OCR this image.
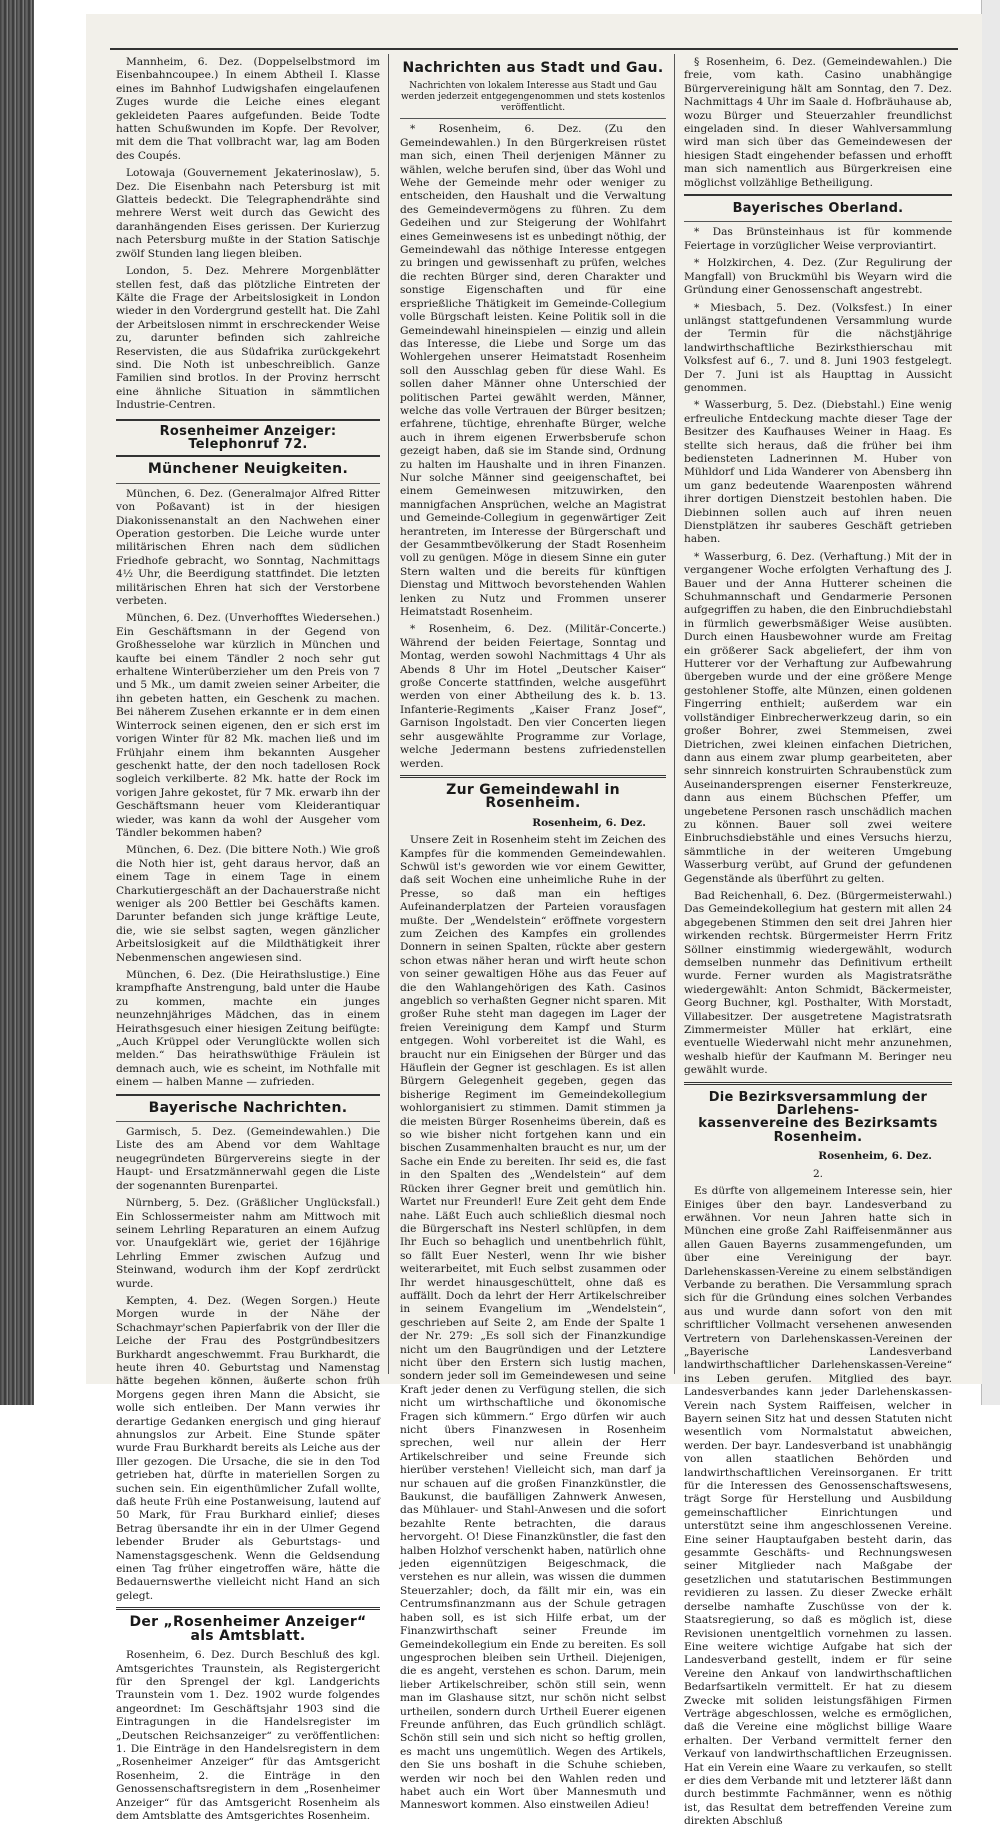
Mannheim, 6. Dez. (Doppelselbstmord im Eisenbahncoupee.) In einem Abtheil I. Klasse eines im Bahnhof Ludwigshafen eingelaufenen Zuges wurde die Leiche eines elegant gekleideten Paares aufgefunden. Beide Todte hatten Schußwunden im Kopfe. Der Revolver, mit dem die That vollbracht war, lag am Boden des Coupés.

Lotowaja (Gouvernement Jekaterinoslaw), 5. Dez. Die Eisenbahn nach Petersburg ist mit Glatteis bedeckt. Die Telegraphendrähte sind mehrere Werst weit durch das Gewicht des daranhängenden Eises gerissen. Der Kurierzug nach Petersburg mußte in der Station Satischje zwölf Stunden lang liegen bleiben.

London, 5. Dez. Mehrere Morgenblätter stellen fest, daß das plötzliche Eintreten der Kälte die Frage der Arbeitslosigkeit in London wieder in den Vordergrund gestellt hat. Die Zahl der Arbeitslosen nimmt in erschreckender Weise zu, darunter befinden sich zahlreiche Reservisten, die aus Südafrika zurückgekehrt sind. Die Noth ist unbeschreiblich. Ganze Familien sind brotlos. In der Provinz herrscht eine ähnliche Situation in sämmtlichen Industrie-Centren.

Rosenheimer Anzeiger: Telephonruf 72.
Münchener Neuigkeiten.

München, 6. Dez. (Generalmajor Alfred Ritter von Poßavant) ist in der hiesigen Diakonissenanstalt an den Nachwehen einer Operation gestorben. Die Leiche wurde unter militärischen Ehren nach dem südlichen Friedhofe gebracht, wo Sonntag, Nachmittags 4½ Uhr, die Beerdigung stattfindet. Die letzten militärischen Ehren hat sich der Verstorbene verbeten.

München, 6. Dez. (Unverhofftes Wiedersehen.) Ein Geschäftsmann in der Gegend von Großhesselohe war kürzlich in München und kaufte bei einem Tändler 2 noch sehr gut erhaltene Winterüberzieher um den Preis von 7 und 5 Mk., um damit zweien seiner Arbeiter, die ihn gebeten hatten, ein Geschenk zu machen. Bei näherem Zusehen erkannte er in dem einen Winterrock seinen eigenen, den er sich erst im vorigen Winter für 82 Mk. machen ließ und im Frühjahr einem ihm bekannten Ausgeher geschenkt hatte, der den noch tadellosen Rock sogleich verkilberte. 82 Mk. hatte der Rock im vorigen Jahre gekostet, für 7 Mk. erwarb ihn der Geschäftsmann heuer vom Kleiderantiquar wieder, was kann da wohl der Ausgeher vom Tändler bekommen haben?

München, 6. Dez. (Die bittere Noth.) Wie groß die Noth hier ist, geht daraus hervor, daß an einem Tage in einem Tage in einem Charkutiergeschäft an der Dachauerstraße nicht weniger als 200 Bettler bei Geschäfts kamen. Darunter befanden sich junge kräftige Leute, die, wie sie selbst sagten, wegen gänzlicher Arbeitslosigkeit auf die Mildthätigkeit ihrer Nebenmenschen angewiesen sind.

München, 6. Dez. (Die Heirathslustige.) Eine krampfhafte Anstrengung, bald unter die Haube zu kommen, machte ein junges neunzehnjähriges Mädchen, das in einem Heirathsgesuch einer hiesigen Zeitung beifügte: „Auch Krüppel oder Verunglückte wollen sich melden.“ Das heirathswüthige Fräulein ist demnach auch, wie es scheint, im Nothfalle mit einem — halben Manne — zufrieden.

Bayerische Nachrichten.

Garmisch, 5. Dez. (Gemeindewahlen.) Die Liste des am Abend vor dem Wahltage neugegründeten Bürgervereins siegte in der Haupt- und Ersatzmännerwahl gegen die Liste der sogenannten Burenpartei.

Nürnberg, 5. Dez. (Gräßlicher Unglücksfall.) Ein Schlossermeister nahm am Mittwoch mit seinem Lehrling Reparaturen an einem Aufzug vor. Unaufgeklärt wie, geriet der 16jährige Lehrling Emmer zwischen Aufzug und Steinwand, wodurch ihm der Kopf zerdrückt wurde.

Kempten, 4. Dez. (Wegen Sorgen.) Heute Morgen wurde in der Nähe der Schachmayr'schen Papierfabrik von der Iller die Leiche der Frau des Postgründbesitzers Burkhardt angeschwemmt. Frau Burkhardt, die heute ihren 40. Geburtstag und Namenstag hätte begehen können, äußerte schon früh Morgens gegen ihren Mann die Absicht, sie wolle sich entleiben. Der Mann verwies ihr derartige Gedanken energisch und ging hierauf ahnungslos zur Arbeit. Eine Stunde später wurde Frau Burkhardt bereits als Leiche aus der Iller gezogen. Die Ursache, die sie in den Tod getrieben hat, dürfte in materiellen Sorgen zu suchen sein. Ein eigenthümlicher Zufall wollte, daß heute Früh eine Postanweisung, lautend auf 50 Mark, für Frau Burkhard einlief; dieses Betrag übersandte ihr ein in der Ulmer Gegend lebender Bruder als Geburtstags- und Namenstagsgeschenk. Wenn die Geldsendung einen Tag früher eingetroffen wäre, hätte die Bedauernswerthe vielleicht nicht Hand an sich gelegt.

Der „Rosenheimer Anzeiger“
als Amtsblatt.

Rosenheim, 6. Dez. Durch Beschluß des kgl. Amtsgerichtes Traunstein, als Registergericht für den Sprengel der kgl. Landgerichts Traunstein vom 1. Dez. 1902 wurde folgendes angeordnet: Im Geschäftsjahr 1903 sind die Eintragungen in die Handelsregister im „Deutschen Reichsanzeiger“ zu veröffentlichen: 1. Die Einträge in den Handelsregistern in dem „Rosenheimer Anzeiger“ für das Amtsgericht Rosenheim, 2. die Einträge in den Genossenschaftsregistern in dem „Rosenheimer Anzeiger“ für das Amtsgericht Rosenheim als dem Amtsblatte des Amtsgerichtes Rosenheim.

Nachrichten aus Stadt und Gau.
Nachrichten von lokalem Interesse aus Stadt und Gau werden jederzeit entgegengenommen und stets kostenlos veröffentlicht.

* Rosenheim, 6. Dez. (Zu den Gemeindewahlen.) In den Bürgerkreisen rüstet man sich, einen Theil derjenigen Männer zu wählen, welche berufen sind, über das Wohl und Wehe der Gemeinde mehr oder weniger zu entscheiden, den Haushalt und die Verwaltung des Gemeindevermögens zu führen. Zu dem Gedeihen und zur Steigerung der Wohlfahrt eines Gemeinwesens ist es unbedingt nöthig, der Gemeindewahl das nöthige Interesse entgegen zu bringen und gewissenhaft zu prüfen, welches die rechten Bürger sind, deren Charakter und sonstige Eigenschaften und für eine ersprießliche Thätigkeit im Gemeinde-Collegium volle Bürgschaft leisten. Keine Politik soll in die Gemeindewahl hineinspielen — einzig und allein das Interesse, die Liebe und Sorge um das Wohlergehen unserer Heimatstadt Rosenheim soll den Ausschlag geben für diese Wahl. Es sollen daher Männer ohne Unterschied der politischen Partei gewählt werden, Männer, welche das volle Vertrauen der Bürger besitzen; erfahrene, tüchtige, ehrenhafte Bürger, welche auch in ihrem eigenen Erwerbsberufe schon gezeigt haben, daß sie im Stande sind, Ordnung zu halten im Haushalte und in ihren Finanzen. Nur solche Männer sind geeigenschaftet, bei einem Gemeinwesen mitzuwirken, den mannigfachen Ansprüchen, welche an Magistrat und Gemeinde-Collegium in gegenwärtiger Zeit herantreten, im Interesse der Bürgerschaft und der Gesammtbevölkerung der Stadt Rosenheim voll zu genügen. Möge in diesem Sinne ein guter Stern walten und die bereits für künftigen Dienstag und Mittwoch bevorstehenden Wahlen lenken zu Nutz und Frommen unserer Heimatstadt Rosenheim.

* Rosenheim, 6. Dez. (Militär-Concerte.) Während der beiden Feiertage, Sonntag und Montag, werden sowohl Nachmittags 4 Uhr als Abends 8 Uhr im Hotel „Deutscher Kaiser“ große Concerte stattfinden, welche ausgeführt werden von einer Abtheilung des k. b. 13. Infanterie-Regiments „Kaiser Franz Josef“, Garnison Ingolstadt. Den vier Concerten liegen sehr ausgewählte Programme zur Vorlage, welche Jedermann bestens zufriedenstellen werden.

Zur Gemeindewahl in Rosenheim.
Rosenheim, 6. Dez.

Unsere Zeit in Rosenheim steht im Zeichen des Kampfes für die kommenden Gemeindewahlen. Schwül ist's geworden wie vor einem Gewitter, daß seit Wochen eine unheimliche Ruhe in der Presse, so daß man ein heftiges Aufeinanderplatzen der Parteien vorausfagen mußte. Der „Wendelstein“ eröffnete vorgestern zum Zeichen des Kampfes ein grollendes Donnern in seinen Spalten, rückte aber gestern schon etwas näher heran und wirft heute schon von seiner gewaltigen Höhe aus das Feuer auf die den Wahlangehörigen des Kath. Casinos angeblich so verhaßten Gegner nicht sparen. Mit großer Ruhe steht man dagegen im Lager der freien Vereinigung dem Kampf und Sturm entgegen. Wohl vorbereitet ist die Wahl, es braucht nur ein Einigsehen der Bürger und das Häuflein der Gegner ist geschlagen. Es ist allen Bürgern Gelegenheit gegeben, gegen das bisherige Regiment im Gemeindekollegium wohlorganisiert zu stimmen. Damit stimmen ja die meisten Bürger Rosenheims überein, daß es so wie bisher nicht fortgehen kann und ein bischen Zusammenhalten braucht es nur, um der Sache ein Ende zu bereiten. Ihr seid es, die fast in den Spalten des „Wendelstein“ auf dem Rücken ihrer Gegner breit und gemütlich hin. Wartet nur Freunderl! Eure Zeit geht dem Ende nahe. Läßt Euch auch schließlich diesmal noch die Bürgerschaft ins Nesterl schlüpfen, in dem Ihr Euch so behaglich und unentbehrlich fühlt, so fällt Euer Nesterl, wenn Ihr wie bisher weiterarbeitet, mit Euch selbst zusammen oder Ihr werdet hinausgeschüttelt, ohne daß es auffällt. Doch da lehrt der Herr Artikelschreiber in seinem Evangelium im „Wendelstein“, geschrieben auf Seite 2, am Ende der Spalte 1 der Nr. 279: „Es soll sich der Finanzkundige nicht um den Baugründigen und der Letztere nicht über den Erstern sich lustig machen, sondern jeder soll im Gemeindewesen und seine Kraft jeder denen zu Verfügung stellen, die sich nicht um wirthschaftliche und ökonomische Fragen sich kümmern.“ Ergo dürfen wir auch nicht übers Finanzwesen in Rosenheim sprechen, weil nur allein der Herr Artikelschreiber und seine Freunde sich hierüber verstehen! Vielleicht sich, man darf ja nur schauen auf die großen Finanzkünstler, die Baukunst, die baufälligen Zahnwerk Anwesen, das Mühlauer- und Stahl-Anwesen und die sofort bezahlte Rente betrachten, die daraus hervorgeht. O! Diese Finanzkünstler, die fast den halben Holzhof verschenkt haben, natürlich ohne jeden eigennützigen Beigeschmack, die verstehen es nur allein, was wissen die dummen Steuerzahler; doch, da fällt mir ein, was ein Centrumsfinanzmann aus der Schule getragen haben soll, es ist sich Hilfe erbat, um der Finanzwirthschaft seiner Freunde im Gemeindekollegium ein Ende zu bereiten. Es soll ungesprochen bleiben sein Urtheil. Diejenigen, die es angeht, verstehen es schon. Darum, mein lieber Artikelschreiber, schön still sein, wenn man im Glashause sitzt, nur schön nicht selbst urtheilen, sondern durch Urtheil Euerer eigenen Freunde anführen, das Euch gründlich schlägt. Schön still sein und sich nicht so heftig grollen, es macht uns ungemütlich. Wegen des Artikels, den Sie uns boshaft in die Schuhe schieben, werden wir noch bei den Wahlen reden und habet auch ein Wort über Mannesmuth und Manneswort kommen. Also einstweilen Adieu!

§ Rosenheim, 6. Dez. (Gemeindewahlen.) Die freie, vom kath. Casino unabhängige Bürgervereinigung hält am Sonntag, den 7. Dez. Nachmittags 4 Uhr im Saale d. Hofbräuhause ab, wozu Bürger und Steuerzahler freundlichst eingeladen sind. In dieser Wahlversammlung wird man sich über das Gemeindewesen der hiesigen Stadt eingehender befassen und erhofft man sich namentlich aus Bürgerkreisen eine möglichst vollzählige Betheiligung.

Bayerisches Oberland.

* Das Brünsteinhaus ist für kommende Feiertage in vorzüglicher Weise verproviantirt.

* Holzkirchen, 4. Dez. (Zur Regulirung der Mangfall) von Bruckmühl bis Weyarn wird die Gründung einer Genossenschaft angestrebt.

* Miesbach, 5. Dez. (Volksfest.) In einer unlängst stattgefundenen Versammlung wurde der Termin für die nächstjährige landwirthschaftliche Bezirksthierschau mit Volksfest auf 6., 7. und 8. Juni 1903 festgelegt. Der 7. Juni ist als Haupttag in Aussicht genommen.

* Wasserburg, 5. Dez. (Diebstahl.) Eine wenig erfreuliche Entdeckung machte dieser Tage der Besitzer des Kaufhauses Weiner in Haag. Es stellte sich heraus, daß die früher bei ihm bediensteten Ladnerinnen M. Huber von Mühldorf und Lida Wanderer von Abensberg ihn um ganz bedeutende Waarenposten während ihrer dortigen Dienstzeit bestohlen haben. Die Diebinnen sollen auch auf ihren neuen Dienstplätzen ihr sauberes Geschäft getrieben haben.

* Wasserburg, 6. Dez. (Verhaftung.) Mit der in vergangener Woche erfolgten Verhaftung des J. Bauer und der Anna Hutterer scheinen die Schuhmannschaft und Gendarmerie Personen aufgegriffen zu haben, die den Einbruchdiebstahl in fürmlich gewerbsmäßiger Weise ausübten. Durch einen Hausbewohner wurde am Freitag ein größerer Sack abgeliefert, der ihm von Hutterer vor der Verhaftung zur Aufbewahrung übergeben wurde und der eine größere Menge gestohlener Stoffe, alte Münzen, einen goldenen Fingerring enthielt; außerdem war ein vollständiger Einbrecherwerkzeug darin, so ein großer Bohrer, zwei Stemmeisen, zwei Dietrichen, zwei kleinen einfachen Dietrichen, dann aus einem zwar plump gearbeiteten, aber sehr sinnreich konstruirten Schraubenstück zum Auseinandersprengen eiserner Fensterkreuze, dann aus einem Büchschen Pfeffer, um ungebetene Personen rasch unschädlich machen zu können. Bauer soll zwei weitere Einbruchsdiebstähle und eines Versuchs hierzu, sämmtliche in der weiteren Umgebung Wasserburg verübt, auf Grund der gefundenen Gegenstände als überführt zu gelten.

Bad Reichenhall, 6. Dez. (Bürgermeisterwahl.) Das Gemeindekollegium hat gestern mit allen 24 abgegebenen Stimmen den seit drei Jahren hier wirkenden rechtsk. Bürgermeister Herrn Fritz Söllner einstimmig wiedergewählt, wodurch demselben nunmehr das Definitivum ertheilt wurde. Ferner wurden als Magistratsräthe wiedergewählt: Anton Schmidt, Bäckermeister, Georg Buchner, kgl. Posthalter, With Morstadt, Villabesitzer. Der ausgetretene Magistratsrath Zimmermeister Müller hat erklärt, eine eventuelle Wiederwahl nicht mehr anzunehmen, weshalb hiefür der Kaufmann M. Beringer neu gewählt wurde.

Die Bezirksversammlung der Darlehens-
kassenvereine des Bezirksamts Rosenheim.
Rosenheim, 6. Dez.
2.

Es dürfte von allgemeinem Interesse sein, hier Einiges über den bayr. Landesverband zu erwähnen. Vor neun Jahren hatte sich in München eine große Zahl Raiffeisenmänner aus allen Gauen Bayerns zusammengefunden, um über eine Vereinigung der bayr. Darlehenskassen-Vereine zu einem selbständigen Verbande zu berathen. Die Versammlung sprach sich für die Gründung eines solchen Verbandes aus und wurde dann sofort von den mit schriftlicher Vollmacht versehenen anwesenden Vertretern von Darlehenskassen-Vereinen der „Bayerische Landesverband landwirthschaftlicher Darlehenskassen-Vereine“ ins Leben gerufen. Mitglied des bayr. Landesverbandes kann jeder Darlehenskassen-Verein nach System Raiffeisen, welcher in Bayern seinen Sitz hat und dessen Statuten nicht wesentlich vom Normalstatut abweichen, werden. Der bayr. Landesverband ist unabhängig von allen staatlichen Behörden und landwirthschaftlichen Vereinsorganen. Er tritt für die Interessen des Genossenschaftswesens, trägt Sorge für Herstellung und Ausbildung gemeinschaftlicher Einrichtungen und unterstützt seine ihm angeschlossenen Vereine. Eine seiner Hauptaufgaben besteht darin, das gesammte Geschäfts- und Rechnungswesen seiner Mitglieder nach Maßgabe der gesetzlichen und statutarischen Bestimmungen revidieren zu lassen. Zu dieser Zwecke erhält derselbe namhafte Zuschüsse von der k. Staatsregierung, so daß es möglich ist, diese Revisionen unentgeltlich vornehmen zu lassen. Eine weitere wichtige Aufgabe hat sich der Landesverband gestellt, indem er für seine Vereine den Ankauf von landwirthschaftlichen Bedarfsartikeln vermittelt. Er hat zu diesem Zwecke mit soliden leistungsfähigen Firmen Verträge abgeschlossen, welche es ermöglichen, daß die Vereine eine möglichst billige Waare erhalten. Der Verband vermittelt ferner den Verkauf von landwirthschaftlichen Erzeugnissen. Hat ein Verein eine Waare zu verkaufen, so stellt er dies dem Verbande mit und letzterer läßt dann durch bestimmte Fachmänner, wenn es nöthig ist, das Resultat dem betreffenden Vereine zum direkten Abschluß
